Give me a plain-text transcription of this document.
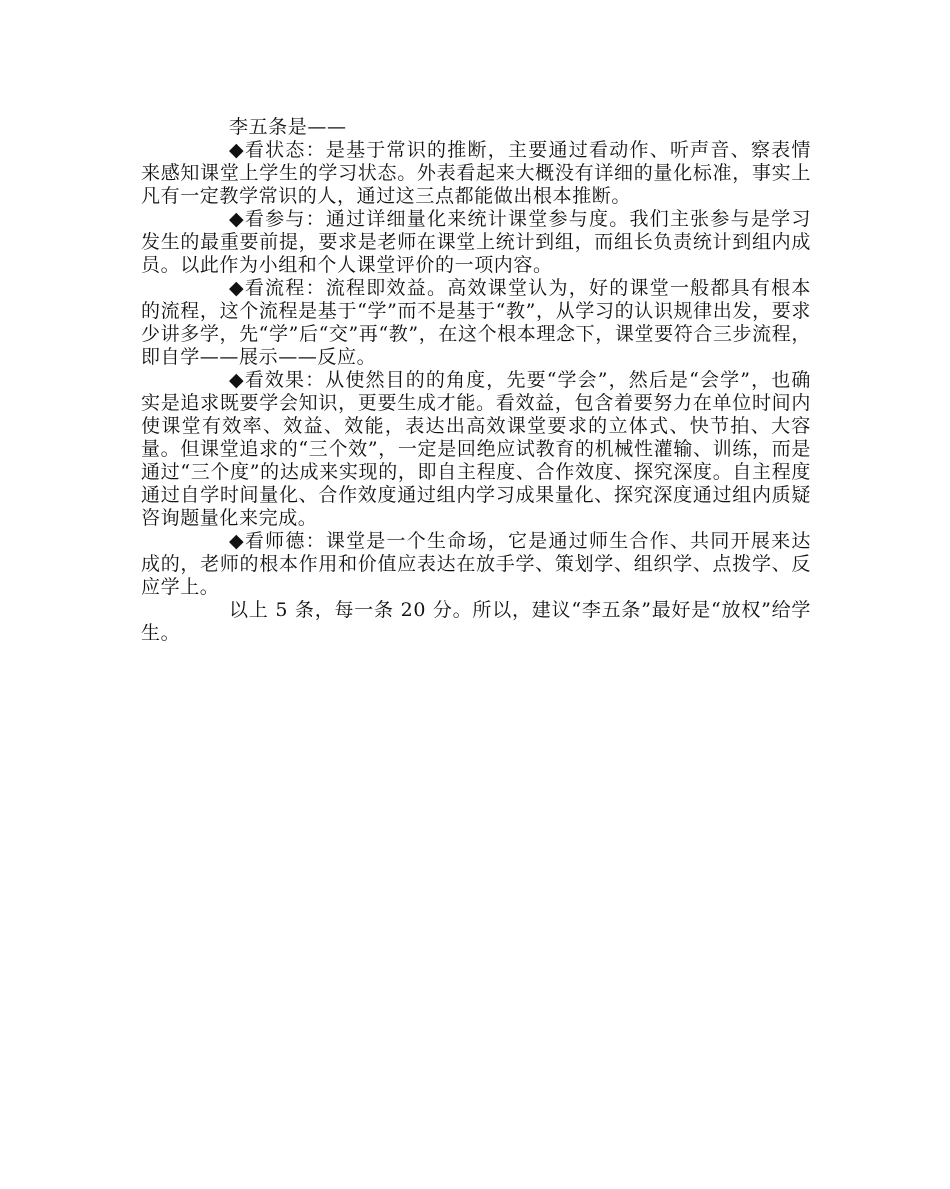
李五条是——

◆看状态：是基于常识的推断，主要通过看动作、听声音、察表情来感知课堂上学生的学习状态。外表看起来大概没有详细的量化标准，事实上凡有一定教学常识的人，通过这三点都能做出根本推断。

◆看参与：通过详细量化来统计课堂参与度。我们主张参与是学习发生的最重要前提，要求是老师在课堂上统计到组，而组长负责统计到组内成员。以此作为小组和个人课堂评价的一项内容。

◆看流程：流程即效益。高效课堂认为，好的课堂一般都具有根本的流程，这个流程是基于“学”而不是基于“教”，从学习的认识规律出发，要求少讲多学，先“学”后“交”再“教”，在这个根本理念下，课堂要符合三步流程，即自学——展示——反应。

◆看效果：从使然目的的角度，先要“学会”，然后是“会学”，也确实是追求既要学会知识，更要生成才能。看效益，包含着要努力在单位时间内使课堂有效率、效益、效能，表达出高效课堂要求的立体式、快节拍、大容量。但课堂追求的“三个效”，一定是回绝应试教育的机械性灌输、训练，而是通过“三个度”的达成来实现的，即自主程度、合作效度、探究深度。自主程度通过自学时间量化、合作效度通过组内学习成果量化、探究深度通过组内质疑咨询题量化来完成。

◆看师德：课堂是一个生命场，它是通过师生合作、共同开展来达成的，老师的根本作用和价值应表达在放手学、策划学、组织学、点拨学、反应学上。

以上 5 条，每一条 20 分。所以，建议“李五条”最好是“放权”给学生。
